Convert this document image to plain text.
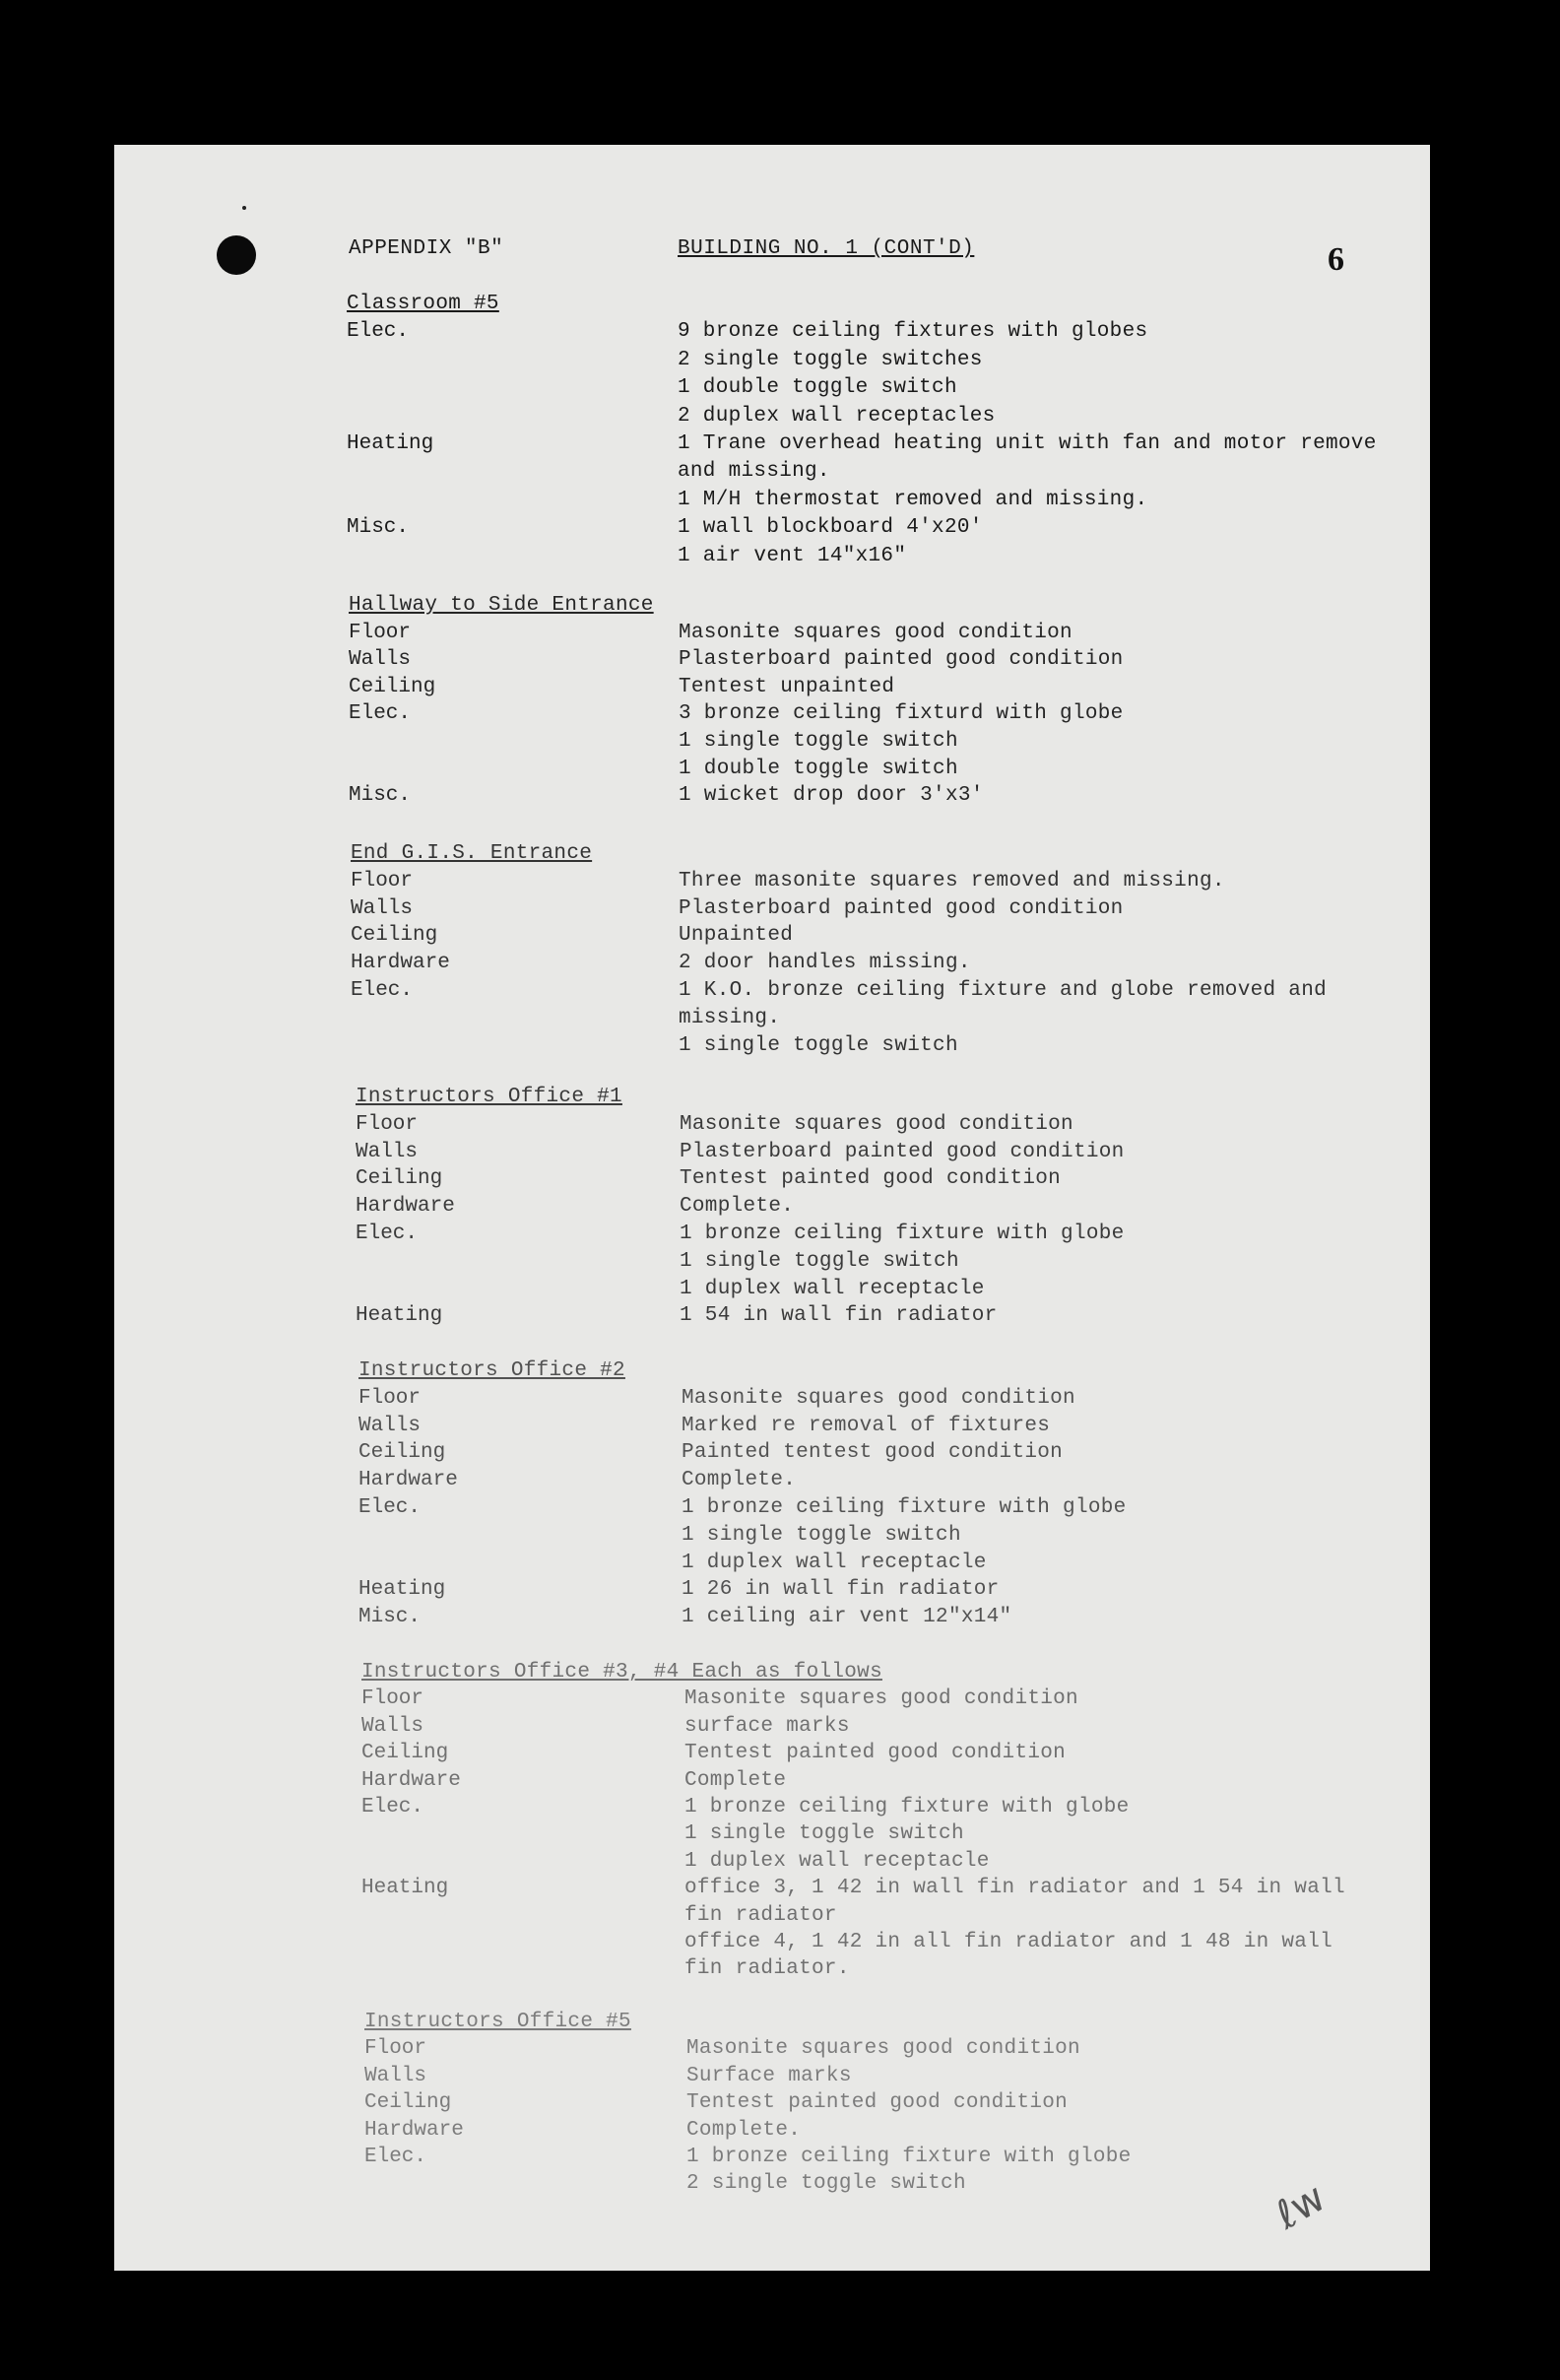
APPENDIX "B"	BUILDING NO. 1 (CONT'D)	6
Classroom #5
Elec.	9 bronze ceiling fixtures with globes
2 single toggle switches
1 double toggle switch
2 duplex wall receptacles
Heating	1 Trane overhead heating unit with fan and motor remove
and missing.
1 M/H thermostat removed and missing.
Misc.	1 wall blockboard 4'x20'
1 air vent 14"x16"
Hallway to Side Entrance
Floor	Masonite squares good condition
Walls	Plasterboard painted good condition
Ceiling	Tentest unpainted
Elec.	3 bronze ceiling fixturd with globe
1 single toggle switch
1 double toggle switch
Misc.	1 wicket drop door 3'x3'
End G.I.S. Entrance
Floor	Three masonite squares removed and missing.
Walls	Plasterboard painted good condition
Ceiling	Unpainted
Hardware	2 door handles missing.
Elec.	1 K.O. bronze ceiling fixture and globe removed and
missing.
1 single toggle switch
Instructors Office #1
Floor	Masonite squares good condition
Walls	Plasterboard painted good condition
Ceiling	Tentest painted good condition
Hardware	Complete.
Elec.	1 bronze ceiling fixture with globe
1 single toggle switch
1 duplex wall receptacle
Heating	1 54 in wall fin radiator
Instructors Office #2
Floor	Masonite squares good condition
Walls	Marked re removal of fixtures
Ceiling	Painted tentest good condition
Hardware	Complete.
Elec.	1 bronze ceiling fixture with globe
1 single toggle switch
1 duplex wall receptacle
Heating	1 26 in wall fin radiator
Misc.	1 ceiling air vent 12"x14"
Instructors Office #3, #4 Each as follows
Floor	Masonite squares good condition
Walls	surface marks
Ceiling	Tentest painted good condition
Hardware	Complete
Elec.	1 bronze ceiling fixture with globe
1 single toggle switch
1 duplex wall receptacle
Heating	office 3, 1 42 in wall fin radiator and 1 54 in wall
fin radiator
office 4, 1 42 in all fin radiator and 1 48 in wall
fin radiator.
Instructors Office #5
Floor	Masonite squares good condition
Walls	Surface marks
Ceiling	Tentest painted good condition
Hardware	Complete.
Elec.	1 bronze ceiling fixture with globe
2 single toggle switch	ℓw
